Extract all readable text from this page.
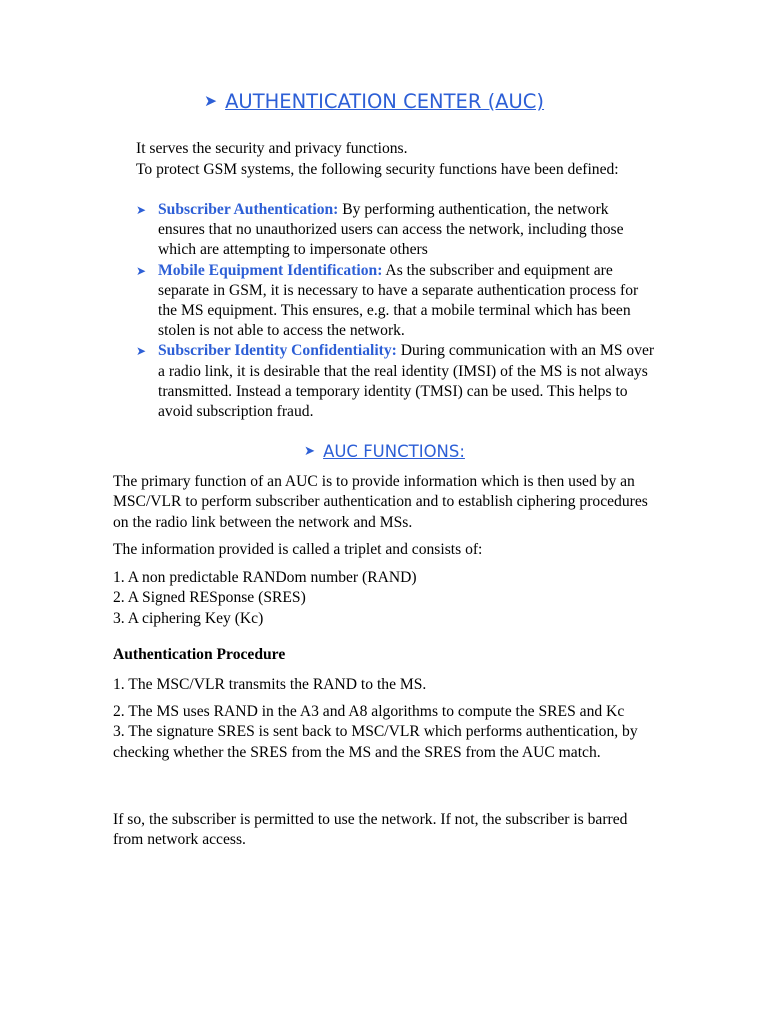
➤ AUTHENTICATION CENTER (AUC)

It serves the security and privacy functions.

To protect GSM systems, the following security functions have been defined:

➤ Subscriber Authentication: By performing authentication, the network ensures that no unauthorized users can access the network, including those which are attempting to impersonate others
➤ Mobile Equipment Identification: As the subscriber and equipment are separate in GSM, it is necessary to have a separate authentication process for the MS equipment. This ensures, e.g. that a mobile terminal which has been stolen is not able to access the network.
➤ Subscriber Identity Confidentiality: During communication with an MS over a radio link, it is desirable that the real identity (IMSI) of the MS is not always transmitted. Instead a temporary identity (TMSI) can be used. This helps to avoid subscription fraud.
➤ AUC FUNCTIONS:

The primary function of an AUC is to provide information which is then used by an MSC/VLR to perform subscriber authentication and to establish ciphering procedures on the radio link between the network and MSs.

The information provided is called a triplet and consists of:

1. A non predictable RANDom number (RAND)

2. A Signed RESponse (SRES)

3. A ciphering Key (Kc)

Authentication Procedure

1. The MSC/VLR transmits the RAND to the MS.

2. The MS uses RAND in the A3 and A8 algorithms to compute the SRES and Kc

3. The signature SRES is sent back to MSC/VLR which performs authentication, by checking whether the SRES from the MS and the SRES from the AUC match.

If so, the subscriber is permitted to use the network. If not, the subscriber is barred from network access.
